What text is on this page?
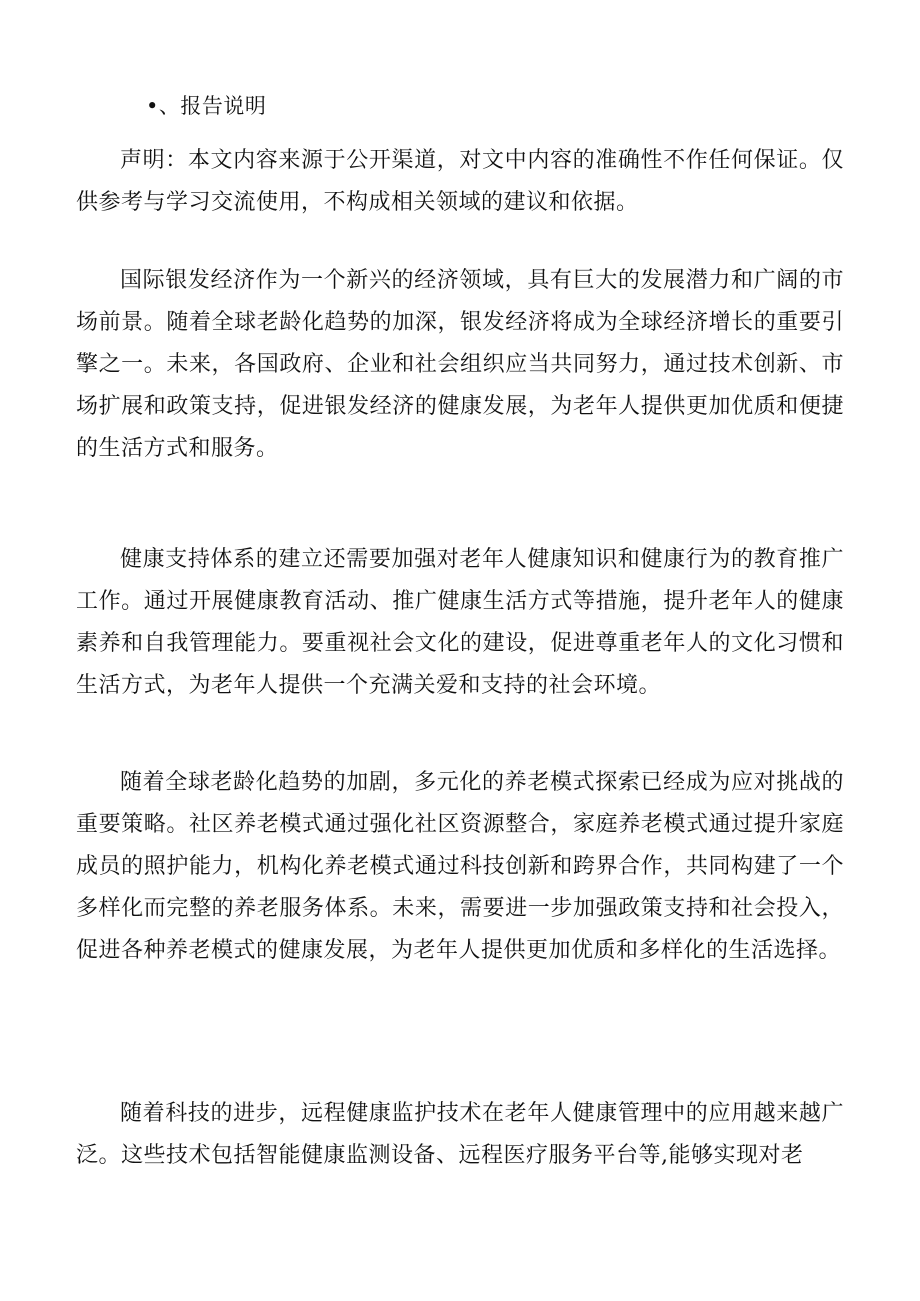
•、报告说明

声明：本文内容来源于公开渠道，对文中内容的准确性不作任何保证。仅供参考与学习交流使用，不构成相关领域的建议和依据。

国际银发经济作为一个新兴的经济领域，具有巨大的发展潜力和广阔的市场前景。随着全球老龄化趋势的加深，银发经济将成为全球经济增长的重要引擎之一。未来，各国政府、企业和社会组织应当共同努力，通过技术创新、市场扩展和政策支持，促进银发经济的健康发展，为老年人提供更加优质和便捷的生活方式和服务。

健康支持体系的建立还需要加强对老年人健康知识和健康行为的教育推广工作。通过开展健康教育活动、推广健康生活方式等措施，提升老年人的健康素养和自我管理能力。要重视社会文化的建设，促进尊重老年人的文化习惯和生活方式，为老年人提供一个充满关爱和支持的社会环境。

随着全球老龄化趋势的加剧，多元化的养老模式探索已经成为应对挑战的重要策略。社区养老模式通过强化社区资源整合，家庭养老模式通过提升家庭成员的照护能力，机构化养老模式通过科技创新和跨界合作，共同构建了一个多样化而完整的养老服务体系。未来，需要进一步加强政策支持和社会投入，促进各种养老模式的健康发展，为老年人提供更加优质和多样化的生活选择。

随着科技的进步，远程健康监护技术在老年人健康管理中的应用越来越广泛。这些技术包括智能健康监测设备、远程医疗服务平台等,能够实现对老
